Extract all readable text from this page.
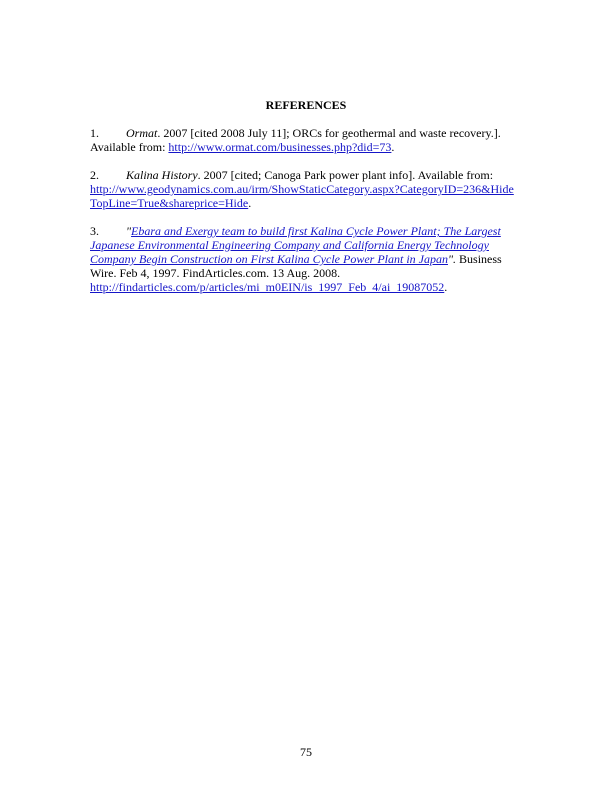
REFERENCES
1. Ormat. 2007 [cited 2008 July 11]; ORCs for geothermal and waste recovery.].
Available from: http://www.ormat.com/businesses.php?did=73.
2. Kalina History. 2007 [cited; Canoga Park power plant info]. Available from:
http://www.geodynamics.com.au/irm/ShowStaticCategory.aspx?CategoryID=236&Hide
TopLine=True&shareprice=Hide.
3. "Ebara and Exergy team to build first Kalina Cycle Power Plant; The Largest
Japanese Environmental Engineering Company and California Energy Technology
Company Begin Construction on First Kalina Cycle Power Plant in Japan". Business
Wire. Feb 4, 1997. FindArticles.com. 13 Aug. 2008.
http://findarticles.com/p/articles/mi_m0EIN/is_1997_Feb_4/ai_19087052.
75
